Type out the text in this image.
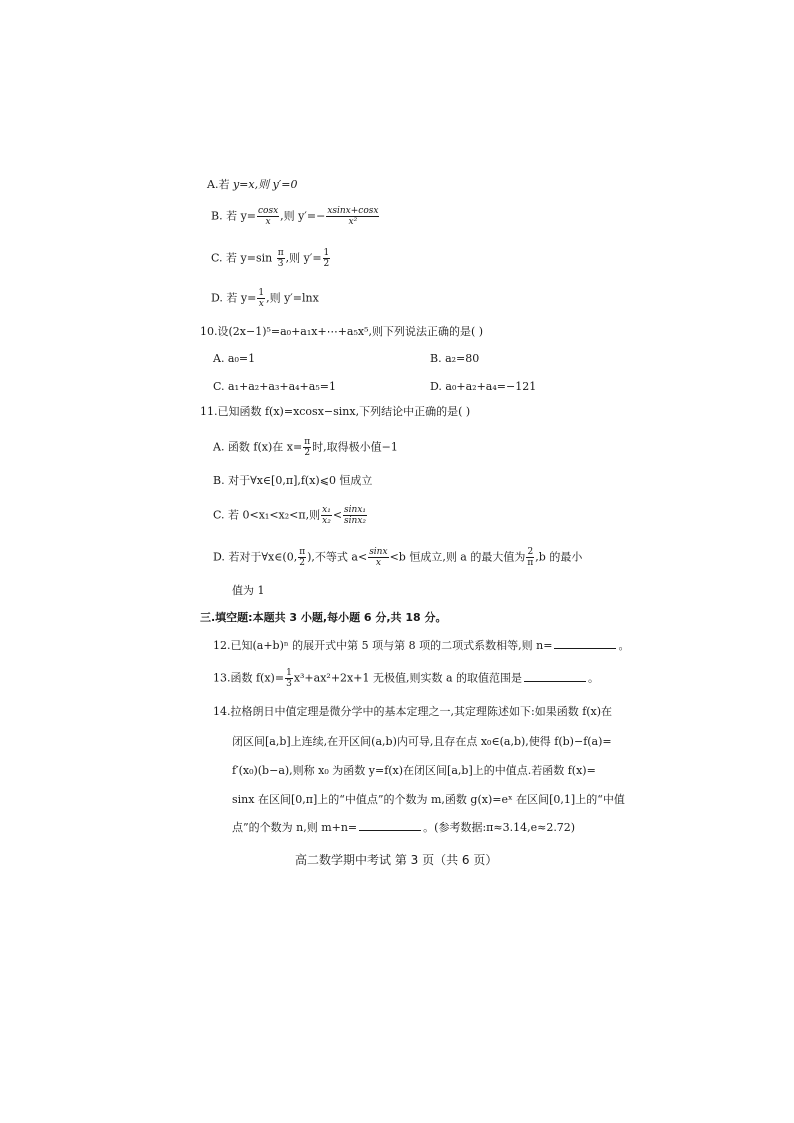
A.若 y=x,则 y′=0
B. 若 $y= \frac{\cos x}{x}$ ,则 $y'=- \frac{xsinx+\cos x}{\text{x²}}$
C. 若 $y=\sin \frac{\pi}{3}$ ,则 $y'= \frac{1}{2}$
D. 若 $y= \frac{1}{x}$ ,则 y′=lnx
10.设(2x−1)⁵=a₀+a₁x+⋯+a₅x⁵,则下列说法正确的是( )
A. a₀=1	B. a₂=80
C. a₁+a₂+a₃+a₄+a₅=1	D. a₀+a₂+a₄=−121
11.已知函数 f(x)=xcosx−sinx,下列结论中正确的是( )
A. 函数 f(x)在 $x= \frac{\pi}{2}$ 时,取得极小值−1
B. 对于∀x∈[0,π],f(x)⩽0 恒成立
C. 若 0<x₁<x₂<π,则 $\frac{\text{x₁}}{\text{x₂}} < \frac{\text{sinx₁}}{\text{sinx₂}}$
D. 若对于∀x∈(0, $\frac{\pi}{2}$ ),不等式 $a< \frac{\sin x}{x} <b$ 恒成立,则 a 的最大值为 $\frac{2}{\pi} ,b$ 的最小
值为 1
三.填空题:本题共 3 小题,每小题 6 分,共 18 分。
12.已知(a+b)ⁿ 的展开式中第 5 项与第 8 项的二项式系数相等,则 n=	。
13.函数 $f(x)= \frac{1}{3} x^3+ax^2+2x+1$ 无极值,则实数 a 的取值范围是	。
14.拉格朗日中值定理是微分学中的基本定理之一,其定理陈述如下:如果函数 f(x)在
闭区间[a,b]上连续,在开区间(a,b)内可导,且存在点 x₀∈(a,b),使得 f(b)−f(a)=
f′(x₀)(b−a),则称 x₀ 为函数 y=f(x)在闭区间[a,b]上的中值点.若函数 f(x)=
sinx 在区间[0,π]上的“中值点”的个数为 m,函数 g(x)=eˣ 在区间[0,1]上的“中值
点”的个数为 n,则 m+n=	。(参考数据:π≈3.14,e≈2.72)
高二数学期中考试 第 3 页（共 6 页）
